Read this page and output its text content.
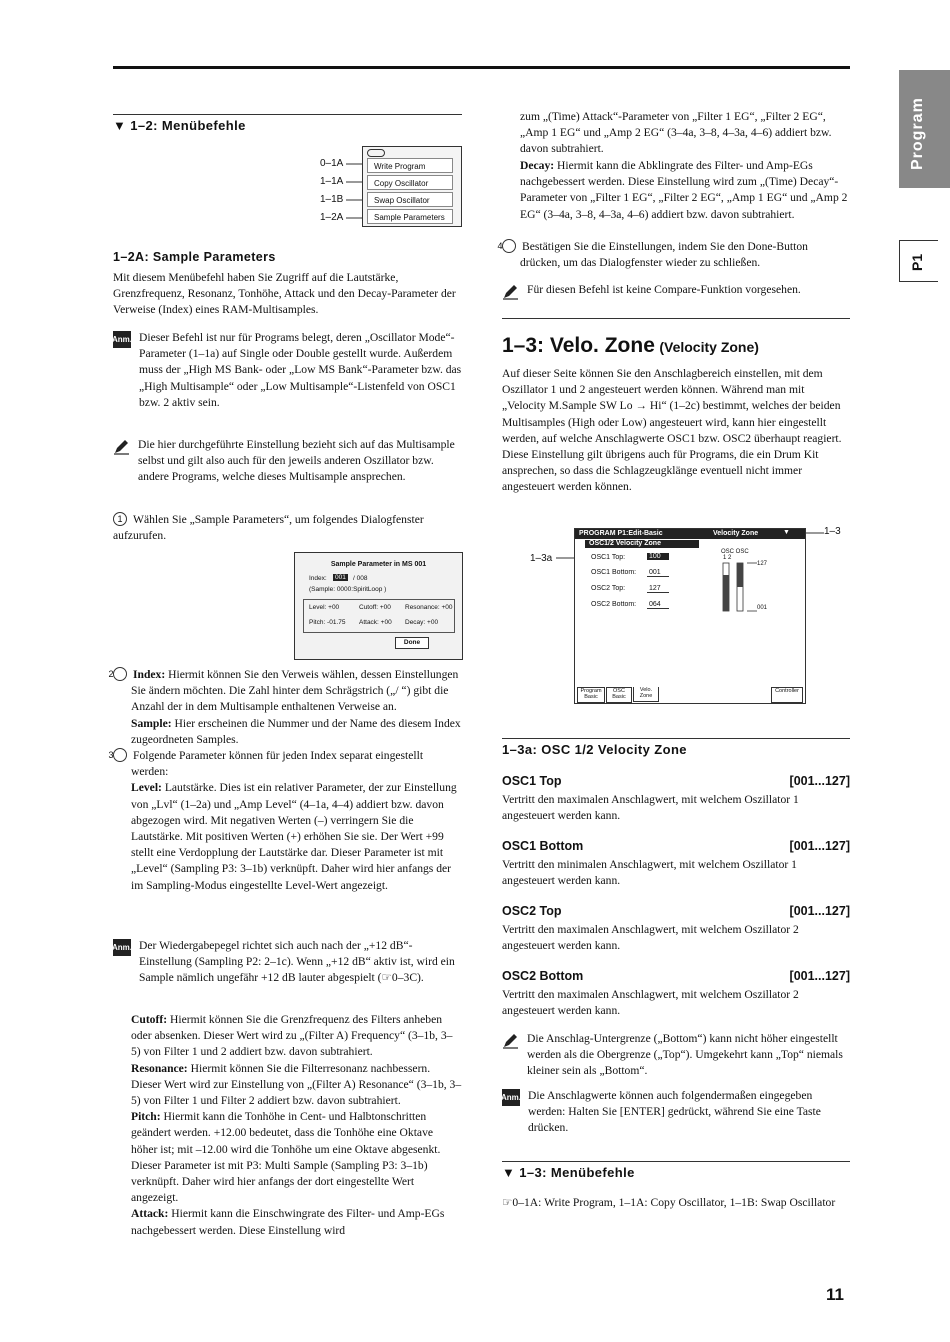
Program
P1
▼ 1–2: Menübefehle
0–1A
1–1A
1–1B
1–2A
Write Program
Copy Oscillator
Swap Oscillator
Sample Parameters
1–2A: Sample Parameters
Mit diesem Menübefehl haben Sie Zugriff auf die Lautstärke, Grenzfrequenz, Resonanz, Tonhöhe, Attack und den Decay-Parameter der Verweise (Index) eines RAM-Multisamples.
Anm. Dieser Befehl ist nur für Programs belegt, deren „Oscillator Mode“-Parameter (1–1a) auf Single oder Double gestellt wurde. Außerdem muss der „High MS Bank- oder „Low MS Bank“-Parameter bzw. das „High Multisample“ oder „Low Multisample“-Listenfeld von OSC1 bzw. 2 aktiv sein.
Die hier durchgeführte Einstellung bezieht sich auf das Multisample selbst und gilt also auch für den jeweils anderen Oszillator bzw. andere Programs, welche dieses Multisample ansprechen.
1 Wählen Sie „Sample Parameters“, um folgendes Dialogfenster aufzurufen.
Sample Parameter in MS 001
Index:	001	/ 008
(Sample: 0000:SpiritLoop )
Level: +00	Cutoff: +00 Resonance: +00
Pitch: -01.75 Attack: +00 Decay: +00
Done
2 Index: Hiermit können Sie den Verweis wählen, dessen Einstellungen Sie ändern möchten. Die Zahl hinter dem Schrägstrich („/ “) gibt die Anzahl der in dem Multisample enthaltenen Verweise an.
Sample: Hier erscheinen die Nummer und der Name des diesem Index zugeordneten Samples.
3 Folgende Parameter können für jeden Index separat eingestellt werden:
Level: Lautstärke. Dies ist ein relativer Parameter, der zur Einstellung von „Lvl“ (1–2a) und „Amp Level“ (4–1a, 4–4) addiert bzw. davon abgezogen wird. Mit negativen Werten (–) verringern Sie die Lautstärke. Mit positiven Werten (+) erhöhen Sie sie. Der Wert +99 stellt eine Verdopplung der Lautstärke dar. Dieser Parameter ist mit „Level“ (Sampling P3: 3–1b) verknüpft. Daher wird hier anfangs der im Sampling-Modus eingestellte Level-Wert angezeigt.
Anm. Der Wiedergabepegel richtet sich auch nach der „+12 dB“-Einstellung (Sampling P2: 2–1c). Wenn „+12 dB“ aktiv ist, wird ein Sample nämlich ungefähr +12 dB lauter abgespielt (☞0–3C).
Cutoff: Hiermit können Sie die Grenzfrequenz des Filters anheben oder absenken. Dieser Wert wird zu „(Filter A) Frequency“ (3–1b, 3–5) von Filter 1 und 2 addiert bzw. davon subtrahiert.
Resonance: Hiermit können Sie die Filterresonanz nachbessern. Dieser Wert wird zur Einstellung von „(Filter A) Resonance“ (3–1b, 3–5) von Filter 1 und Filter 2 addiert bzw. davon subtrahiert.
Pitch: Hiermit kann die Tonhöhe in Cent- und Halbtonschritten geändert werden. +12.00 bedeutet, dass die Tonhöhe eine Oktave höher ist; mit –12.00 wird die Tonhöhe um eine Oktave abgesenkt. Dieser Parameter ist mit P3: Multi Sample (Sampling P3: 3–1b) verknüpft. Daher wird hier anfangs der dort eingestellte Wert angezeigt.
Attack: Hiermit kann die Einschwingrate des Filter- und Amp-EGs nachgebessert werden. Diese Einstellung wird
zum „(Time) Attack“-Parameter von „Filter 1 EG“, „Filter 2 EG“, „Amp 1 EG“ und „Amp 2 EG“ (3–4a, 3–8, 4–3a, 4–6) addiert bzw. davon subtrahiert.
Decay: Hiermit kann die Abklingrate des Filter- und Amp-EGs nachgebessert werden. Diese Einstellung wird zum „(Time) Decay“-Parameter von „Filter 1 EG“, „Filter 2 EG“, „Amp 1 EG“ und „Amp 2 EG“ (3–4a, 3–8, 4–3a, 4–6) addiert bzw. davon subtrahiert.
4 Bestätigen Sie die Einstellungen, indem Sie den Done-Button drücken, um das Dialogfenster wieder zu schließen.
Für diesen Befehl ist keine Compare-Funktion vorgesehen.
1–3: Velo. Zone (Velocity Zone)
Auf dieser Seite können Sie den Anschlagbereich einstellen, mit dem Oszillator 1 und 2 angesteuert werden können. Während man mit „Velocity M.Sample SW Lo → Hi“ (1–2c) bestimmt, welches der beiden Multisamples (High oder Low) angesteuert wird, kann hier eingestellt werden, auf welche Anschlagwerte OSC1 bzw. OSC2 überhaupt reagiert. Diese Einstellung gilt übrigens auch für Programs, die ein Drum Kit ansprechen, so dass die Schlagzeugklänge eventuell nicht immer angesteuert werden können.
1–3
1–3a
PROGRAM P1:Edit-Basic	Velocity Zone	▼
OSC1/2 Velocity Zone
OSC1 Top:	100
OSC1 Bottom: 001
OSC2 Top:	127
OSC2 Bottom: 064
OSC OSC
1 2
127
001
Program Basic
OSC Basic
Velo. Zone
Controller
1–3a: OSC 1/2 Velocity Zone
OSC1 Top	[001...127]
Vertritt den maximalen Anschlagwert, mit welchem Oszillator 1 angesteuert werden kann.
OSC1 Bottom	[001...127]
Vertritt den minimalen Anschlagwert, mit welchem Oszillator 1 angesteuert werden kann.
OSC2 Top	[001...127]
Vertritt den maximalen Anschlagwert, mit welchem Oszillator 2 angesteuert werden kann.
OSC2 Bottom	[001...127]
Vertritt den maximalen Anschlagwert, mit welchem Oszillator 2 angesteuert werden kann.
Die Anschlag-Untergrenze („Bottom“) kann nicht höher eingestellt werden als die Obergrenze („Top“). Umgekehrt kann „Top“ niemals kleiner sein als „Bottom“.
Anm. Die Anschlagwerte können auch folgendermaßen eingegeben werden: Halten Sie [ENTER] gedrückt, während Sie eine Taste drücken.
▼ 1–3: Menübefehle
☞0–1A: Write Program, 1–1A: Copy Oscillator, 1–1B: Swap Oscillator
11
